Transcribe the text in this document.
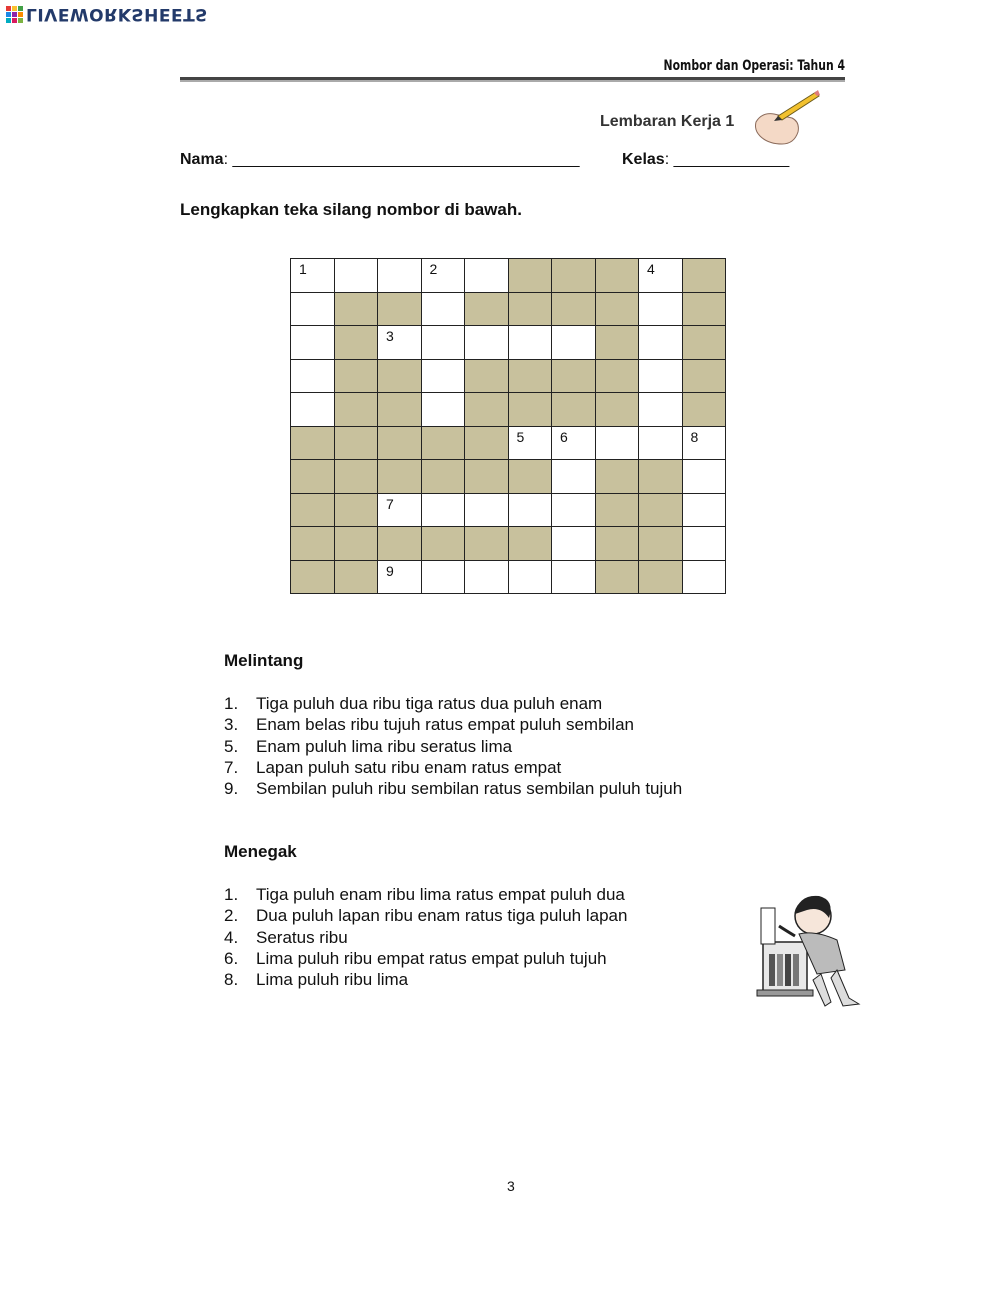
LIVEWORKSHEETS
Nombor dan Operasi: Tahun 4
Lembaran Kerja 1
Nama: _______________________________________	Kelas: _____________
Lengkapkan teka silang nombor di bawah.
1			2					4	

		3							

					5	6			8

		7							

		9							

Melintang
1.	Tiga puluh dua ribu tiga ratus dua puluh enam
3.	Enam belas ribu tujuh ratus empat puluh sembilan
5.	Enam puluh lima ribu seratus lima
7.	Lapan puluh satu ribu enam ratus empat
9.	Sembilan puluh ribu sembilan ratus sembilan puluh tujuh
Menegak
1.	Tiga puluh enam ribu lima ratus empat puluh dua
2.	Dua puluh lapan ribu enam ratus tiga puluh lapan
4.	Seratus ribu
6.	Lima puluh ribu empat ratus empat puluh tujuh
8.	Lima puluh ribu lima
3
